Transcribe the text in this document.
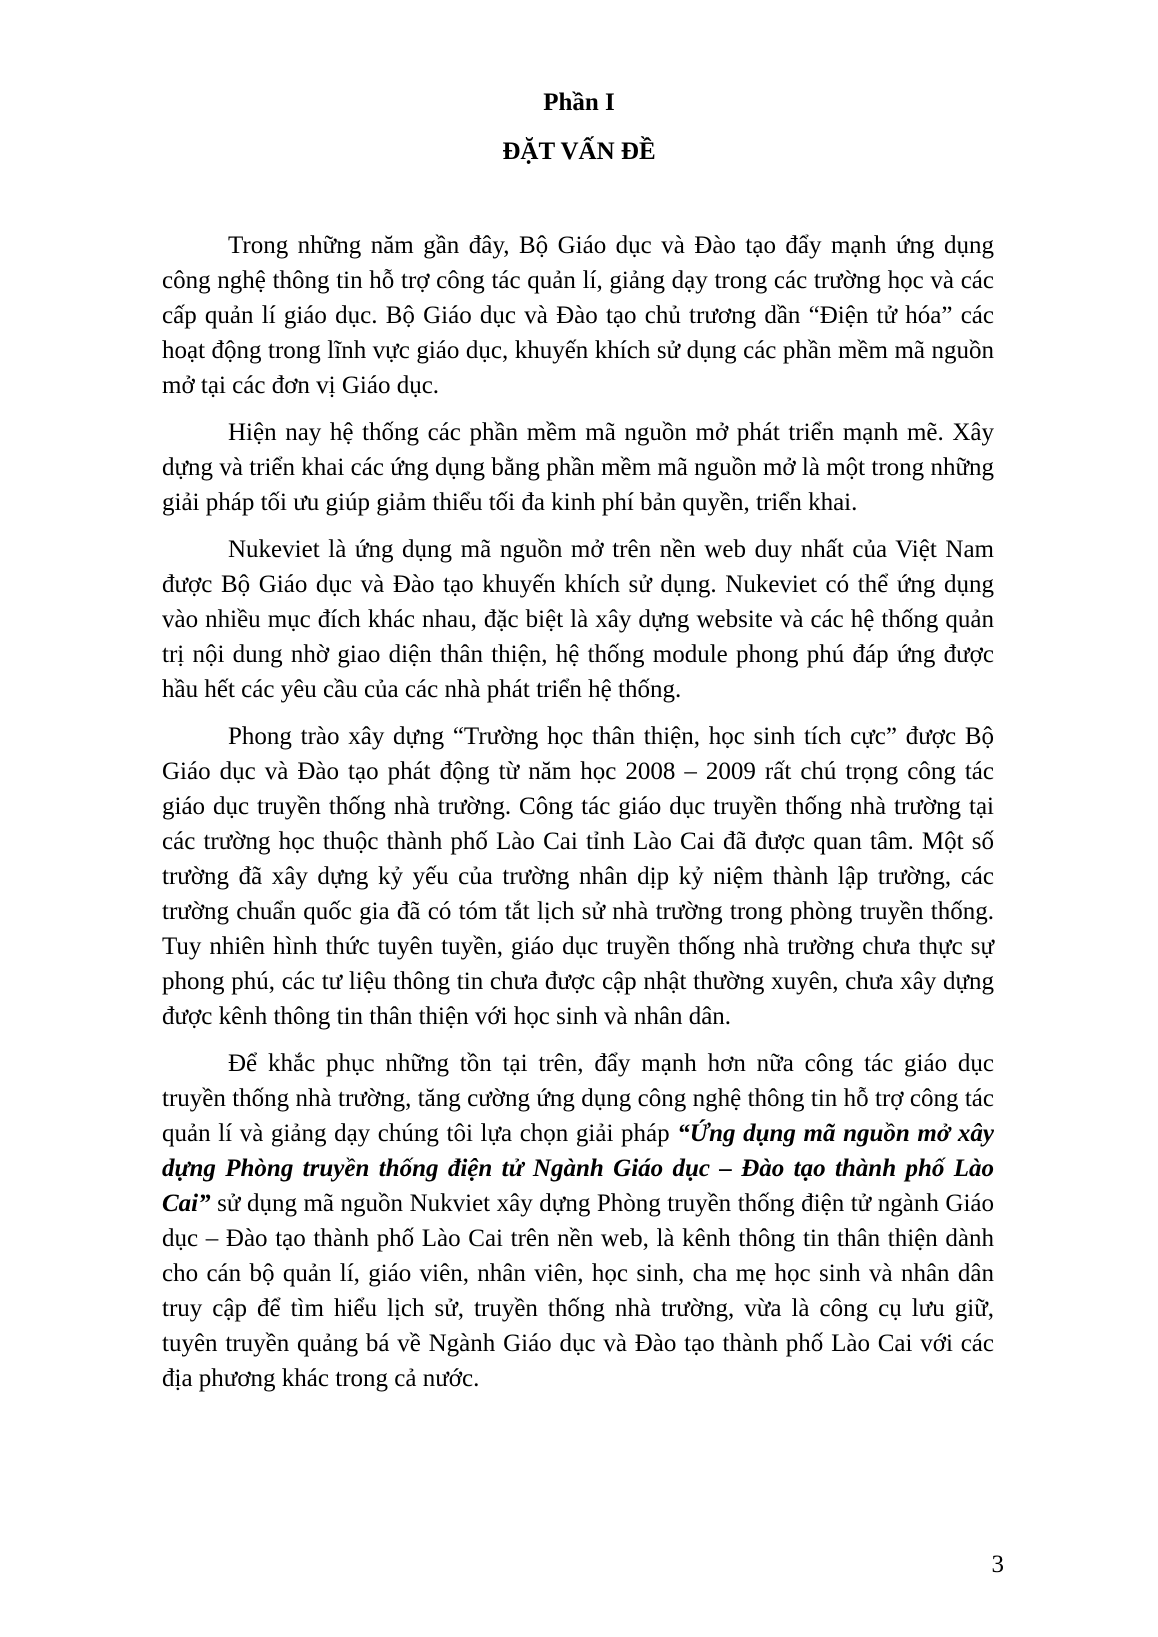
Phần I
ĐẶT VẤN ĐỀ

Trong những năm gần đây, Bộ Giáo dục và Đào tạo đẩy mạnh ứng dụng công nghệ thông tin hỗ trợ công tác quản lí, giảng dạy trong các trường học và các cấp quản lí giáo dục. Bộ Giáo dục và Đào tạo chủ trương dần “Điện tử hóa” các hoạt động trong lĩnh vực giáo dục, khuyến khích sử dụng các phần mềm mã nguồn mở tại các đơn vị Giáo dục.

Hiện nay hệ thống các phần mềm mã nguồn mở phát triển mạnh mẽ. Xây dựng và triển khai các ứng dụng bằng phần mềm mã nguồn mở là một trong những giải pháp tối ưu giúp giảm thiểu tối đa kinh phí bản quyền, triển khai.

Nukeviet là ứng dụng mã nguồn mở trên nền web duy nhất của Việt Nam được Bộ Giáo dục và Đào tạo khuyến khích sử dụng. Nukeviet có thể ứng dụng vào nhiều mục đích khác nhau, đặc biệt là xây dựng website và các hệ thống quản trị nội dung nhờ giao diện thân thiện, hệ thống module phong phú đáp ứng được hầu hết các yêu cầu của các nhà phát triển hệ thống.

Phong trào xây dựng “Trường học thân thiện, học sinh tích cực” được Bộ Giáo dục và Đào tạo phát động từ năm học 2008 – 2009 rất chú trọng công tác giáo dục truyền thống nhà trường. Công tác giáo dục truyền thống nhà trường tại các trường học thuộc thành phố Lào Cai tỉnh Lào Cai đã được quan tâm. Một số trường đã xây dựng kỷ yếu của trường nhân dịp kỷ niệm thành lập trường, các trường chuẩn quốc gia đã có tóm tắt lịch sử nhà trường trong phòng truyền thống. Tuy nhiên hình thức tuyên tuyền, giáo dục truyền thống nhà trường chưa thực sự phong phú, các tư liệu thông tin chưa được cập nhật thường xuyên, chưa xây dựng được kênh thông tin thân thiện với học sinh và nhân dân.

Để khắc phục những tồn tại trên, đẩy mạnh hơn nữa công tác giáo dục truyền thống nhà trường, tăng cường ứng dụng công nghệ thông tin hỗ trợ công tác quản lí và giảng dạy chúng tôi lựa chọn giải pháp “Ứng dụng mã nguồn mở xây dựng Phòng truyền thống điện tử Ngành Giáo dục – Đào tạo thành phố Lào Cai” sử dụng mã nguồn Nukviet xây dựng Phòng truyền thống điện tử ngành Giáo dục – Đào tạo thành phố Lào Cai trên nền web, là kênh thông tin thân thiện dành cho cán bộ quản lí, giáo viên, nhân viên, học sinh, cha mẹ học sinh và nhân dân truy cập để tìm hiểu lịch sử, truyền thống nhà trường, vừa là công cụ lưu giữ, tuyên truyền quảng bá về Ngành Giáo dục và Đào tạo thành phố Lào Cai với các địa phương khác trong cả nước.

3
